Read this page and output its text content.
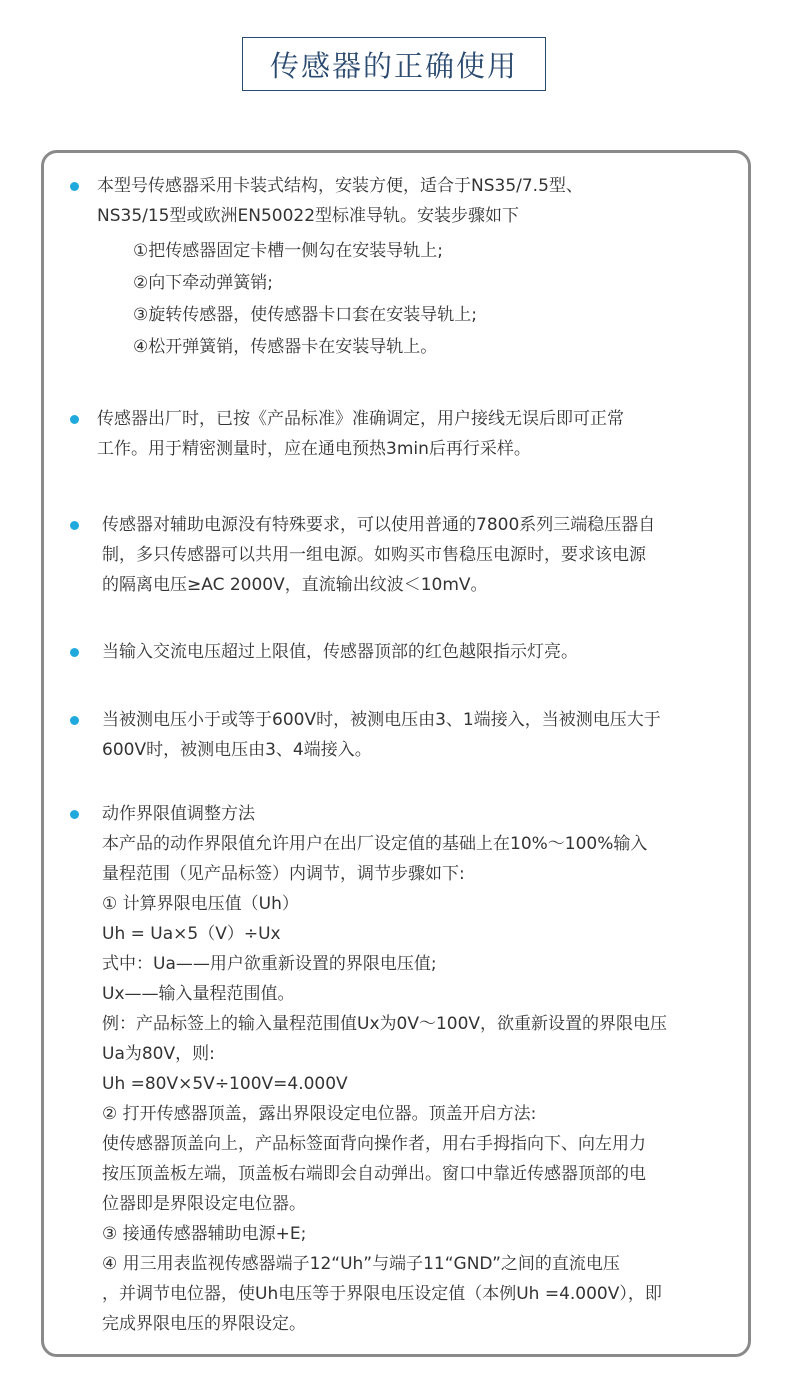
传感器的正确使用
本型号传感器采用卡装式结构，安装方便，适合于NS35/7.5型、
NS35/15型或欧洲EN50022型标准导轨。安装步骤如下
①把传感器固定卡槽一侧勾在安装导轨上;
②向下牵动弹簧销;
③旋转传感器，使传感器卡口套在安装导轨上;
④松开弹簧销，传感器卡在安装导轨上。
传感器出厂时，已按《产品标准》准确调定，用户接线无误后即可正常
工作。用于精密测量时，应在通电预热3min后再行采样。
传感器对辅助电源没有特殊要求，可以使用普通的7800系列三端稳压器自
制，多只传感器可以共用一组电源。如购买市售稳压电源时，要求该电源
的隔离电压≥AC 2000V，直流输出纹波＜10mV。
当输入交流电压超过上限值，传感器顶部的红色越限指示灯亮。
当被测电压小于或等于600V时，被测电压由3、1端接入，当被测电压大于
600V时，被测电压由3、4端接入。
动作界限值调整方法
本产品的动作界限值允许用户在出厂设定值的基础上在10%～100%输入
量程范围（见产品标签）内调节，调节步骤如下:
① 计算界限电压值（Uh）
Uh = Ua×5（V）÷Ux
式中：Ua——用户欲重新设置的界限电压值;
Ux——输入量程范围值。
例：产品标签上的输入量程范围值Ux为0V～100V，欲重新设置的界限电压
Ua为80V，则:
Uh =80V×5V÷100V=4.000V
② 打开传感器顶盖，露出界限设定电位器。顶盖开启方法:
使传感器顶盖向上，产品标签面背向操作者，用右手拇指向下、向左用力
按压顶盖板左端，顶盖板右端即会自动弹出。窗口中靠近传感器顶部的电
位器即是界限设定电位器。
③ 接通传感器辅助电源+E;
④ 用三用表监视传感器端子12“Uh”与端子11“GND”之间的直流电压
，并调节电位器，使Uh电压等于界限电压设定值（本例Uh =4.000V），即
完成界限电压的界限设定。
